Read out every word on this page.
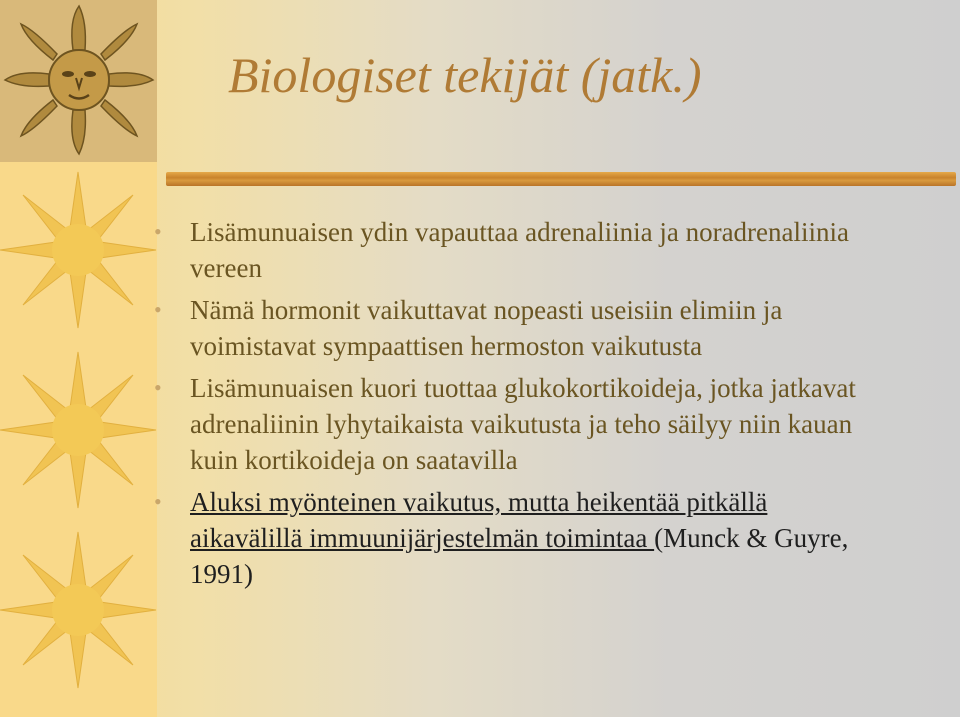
Biologiset tekijät (jatk.)
• Lisämunuaisen ydin vapauttaa adrenaliinia ja noradrenaliinia vereen
• Nämä hormonit vaikuttavat nopeasti useisiin elimiin ja voimistavat sympaattisen hermoston vaikutusta
• Lisämunuaisen kuori tuottaa glukokortikoideja, jotka jatkavat adrenaliinin lyhytaikaista vaikutusta ja teho säilyy niin kauan kuin kortikoideja on saatavilla
• Aluksi myönteinen vaikutus, mutta heikentää pitkällä aikavälillä immuunijärjestelmän toimintaa (Munck & Guyre, 1991)
